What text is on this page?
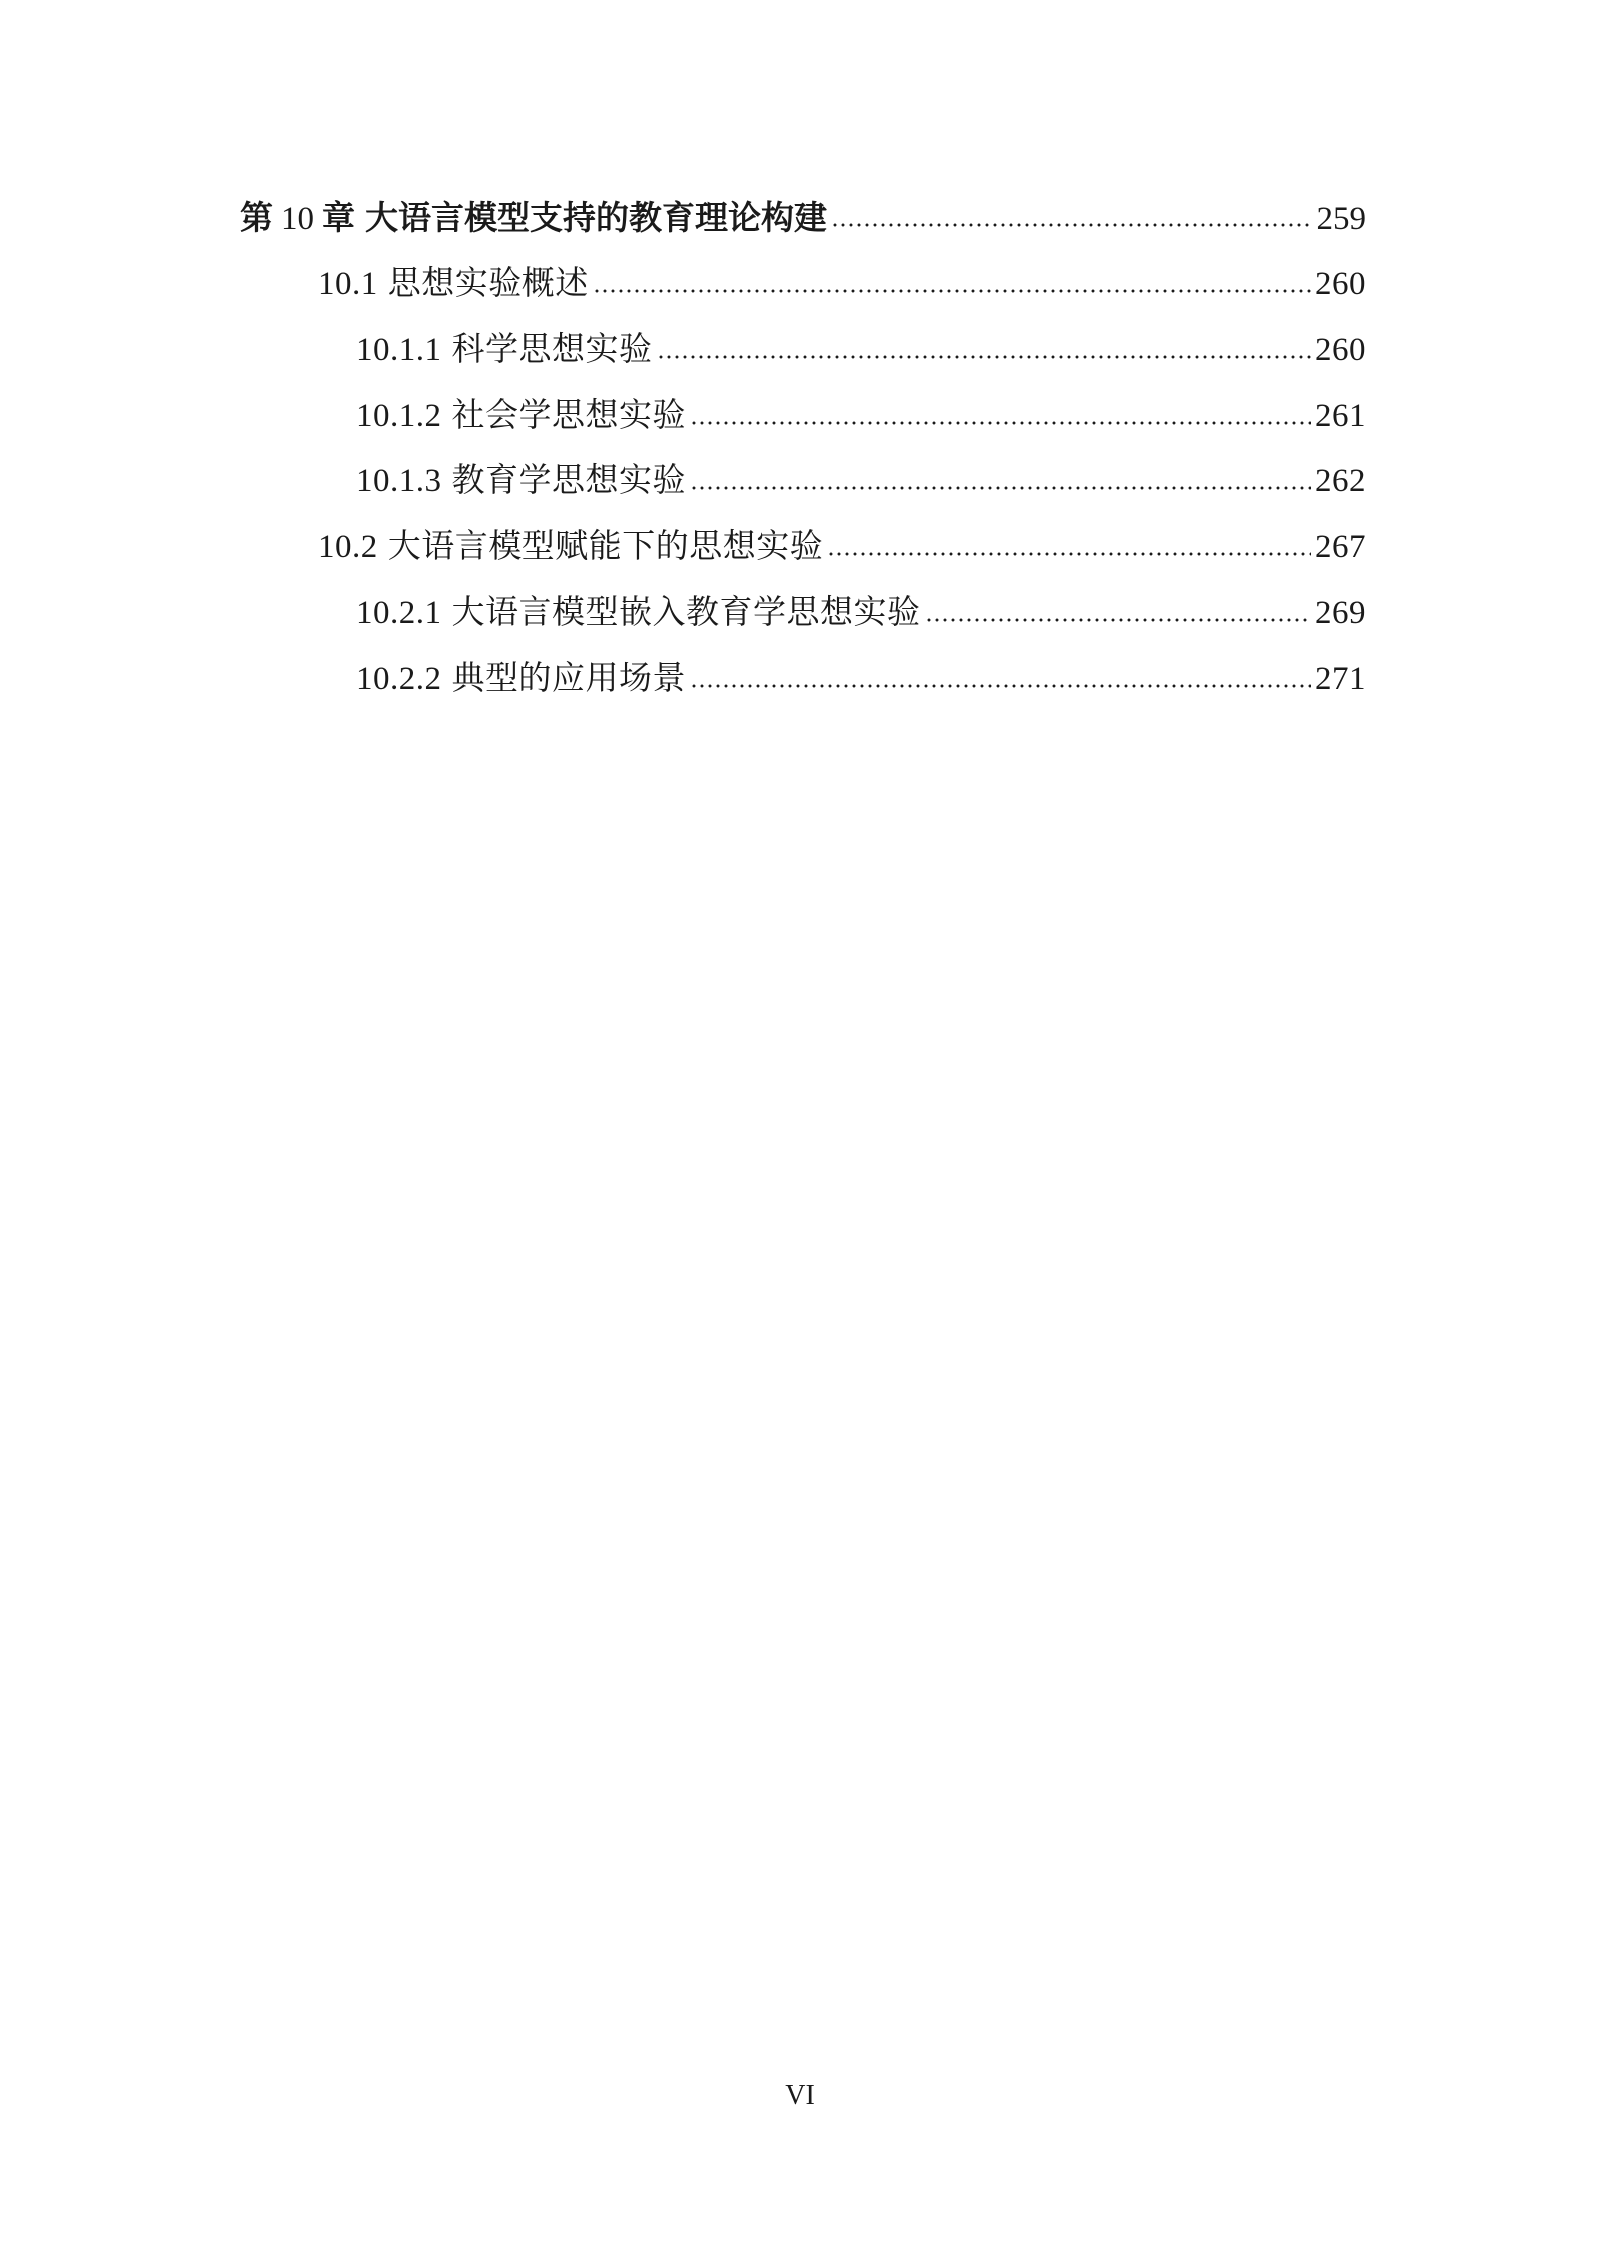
第 10 章 大语言模型支持的教育理论构建	259
10.1 思想实验概述	260
10.1.1 科学思想实验	260
10.1.2 社会学思想实验	261
10.1.3 教育学思想实验	262
10.2 大语言模型赋能下的思想实验	267
10.2.1 大语言模型嵌入教育学思想实验	269
10.2.2 典型的应用场景	271
VI
